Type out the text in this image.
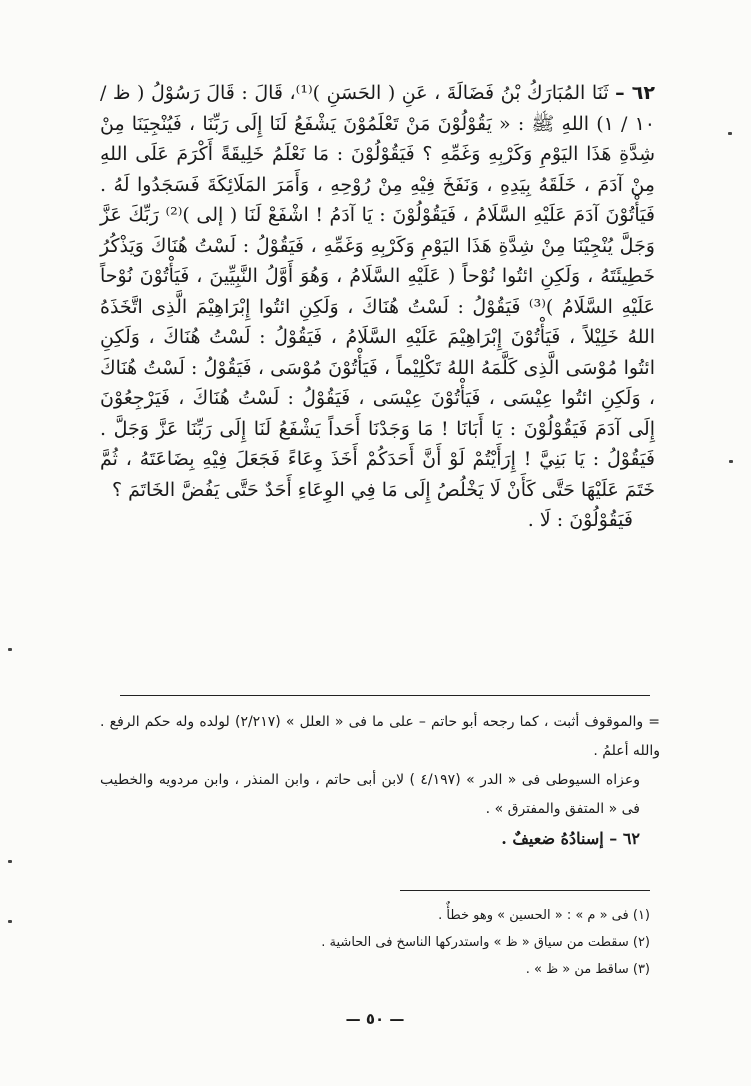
٦٢ – ثَنَا المُبَارَكُ بْنُ فَضَالَةَ ، عَنِ ( الحَسَنِ )⁽¹⁾، قَالَ : قَالَ رَسُوْلُ ( ظ / ١٠ / ١) اللهِ ﷺ : « يَقُوْلُوْنَ مَنْ تَعْلَمُوْنَ يَشْفَعُ لَنَا إِلَى رَبِّنَا ، فَيُنْجِيَنَا مِنْ شِدَّةِ هَذَا اليَوْمِ وَكَرْبِهِ وَغَمِّهِ ؟ فَيَقُوْلُوْنَ : مَا نَعْلَمُ خَلِيقَةً أَكْرَمَ عَلَى اللهِ مِنْ آدَمَ ، خَلَقَهُ بِيَدِهِ ، وَنَفَخَ فِيْهِ مِنْ رُوْحِهِ ، وَأَمَرَ المَلَائِكَةَ فَسَجَدُوا لَهُ . فَيَأْتُوْنَ آدَمَ عَلَيْهِ السَّلَامُ ، فَيَقُوْلُوْنَ : يَا آدَمُ ! اشْفَعْ لَنَا ( إلى )⁽²⁾ رَبِّكَ عَزَّ وَجَلَّ يُنْجِيْنَا مِنْ شِدَّةِ هَذَا اليَوْمِ وَكَرْبِهِ وَغَمِّهِ ، فَيَقُوْلُ : لَسْتُ هُنَاكَ وَيَذْكُرُ خَطِيئَتَهُ ، وَلَكِنِ ائتُوا نُوْحاً ( عَلَيْهِ السَّلَامُ ، وَهُوَ أَوَّلُ النَّبِيِّينَ ، فَيَأْتُوْنَ نُوْحاً عَلَيْهِ السَّلَامُ )⁽³⁾ فَيَقُوْلُ : لَسْتُ هُنَاكَ ، وَلَكِنِ ائتُوا إِبْرَاهِيْمَ الَّذِى اتَّخَذَهُ اللهُ خَلِيْلاً ، فَيَأْتُوْنَ إِبْرَاهِيْمَ عَلَيْهِ السَّلَامُ ، فَيَقُوْلُ : لَسْتُ هُنَاكَ ، وَلَكِنِ ائتُوا مُوْسَى الَّذِى كَلَّمَهُ اللهُ تَكْلِيْماً ، فَيَأْتُوْنَ مُوْسَى ، فَيَقُوْلُ : لَسْتُ هُنَاكَ ، وَلَكِنِ ائتُوا عِيْسَى ، فَيَأْتُوْنَ عِيْسَى ، فَيَقُوْلُ : لَسْتُ هُنَاكَ ، فَيَرْجِعُوْنَ إِلَى آدَمَ فَيَقُوْلُوْنَ : يَا أَبَانَا ! مَا وَجَدْنَا أَحَداً يَشْفَعُ لَنَا إِلَى رَبِّنَا عَزَّ وَجَلَّ . فَيَقُوْلُ : يَا بَنِيَّ ! إِرَأَيْتُمْ لَوْ أَنَّ أَحَدَكُمْ أَخَذَ وِعَاءً فَجَعَلَ فِيْهِ بِضَاعَتَهُ ، ثُمَّ خَتَمَ عَلَيْهَا حَتَّى كَأَنْ لَا يَخْلُصُ إِلَى مَا فِي الوِعَاءِ أَحَدٌ حَتَّى يَفُضَّ الخَاتَمَ ؟
فَيَقُوْلُوْنَ : لَا .

= والموقوف أثبت ، كما رجحه أبو حاتم – على ما فى « العلل » (٢/٢١٧) لولده وله حكم الرفع . والله أعلمُ .

وعزاه السيوطى فى « الدر » (٤/١٩٧ ) لابن أبى حاتم ، وابن المنذر ، وابن مردويه والخطيب فى « المتفق والمفترق » .

٦٢ – إسنادُهُ ضعيفٌ .

(١) فى « م » : « الحسين » وهو خطأٌ .
(٢) سقطت من سياق « ظ » واستدركها الناسخ فى الحاشية .
(٣) ساقط من « ظ » .
— ٥٠ —
